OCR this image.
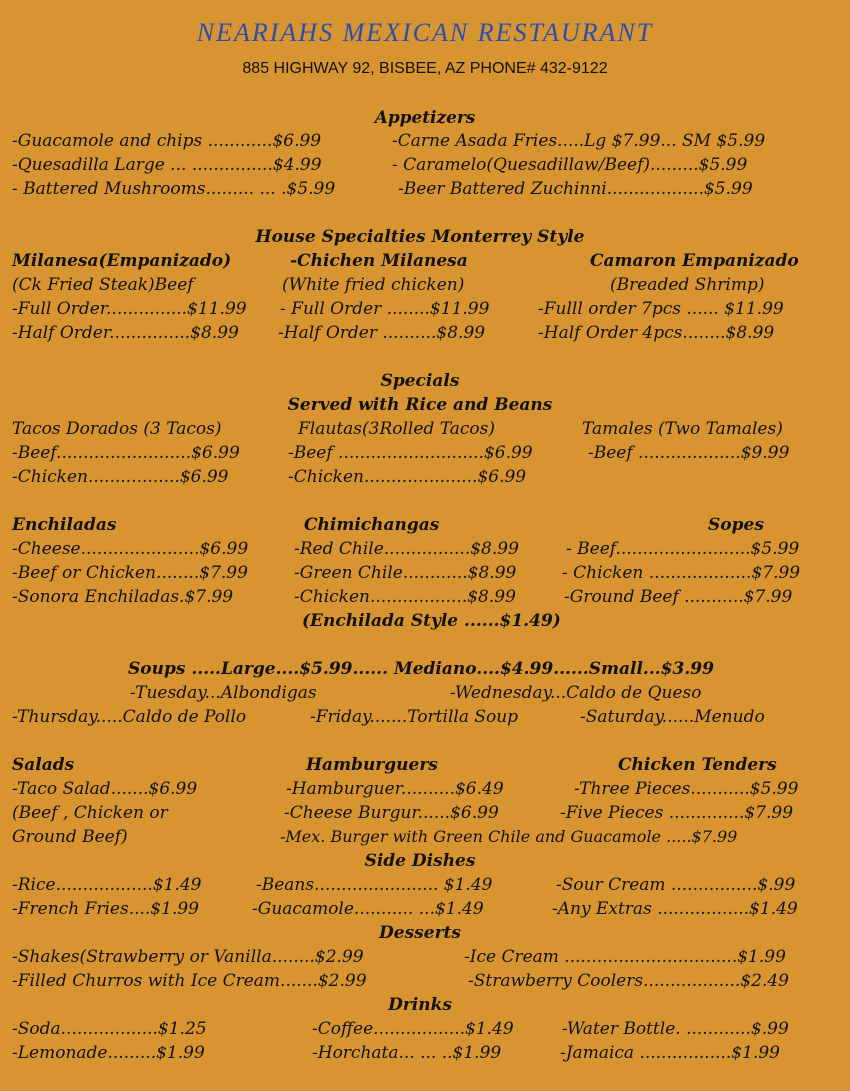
NEARIAHS MEXICAN RESTAURANT
885 HIGHWAY 92, BISBEE, AZ PHONE# 432-9122
Appetizers
-Guacamole and chips ............$6.99
-Quesadilla Large ... ...............$4.99
- Battered Mushrooms......... ... .$5.99
-Carne Asada Fries.....Lg $7.99... SM $5.99
- Caramelo(Quesadillaw/Beef).........$5.99
-Beer Battered Zuchinni..................$5.99
House Specialties Monterrey Style
Milanesa(Empanizado)
(Ck Fried Steak)Beef
-Full Order...............$11.99
-Half Order...............$8.99
-Chichen Milanesa
(White fried chicken)
- Full Order ........$11.99
-Half Order ..........$8.99
Camaron Empanizado
(Breaded Shrimp)
-Fulll order 7pcs ...... $11.99
-Half Order 4pcs........$8.99
Specials
Served with Rice and Beans
Tacos Dorados (3 Tacos)
-Beef.........................$6.99
-Chicken.................$6.99
Flautas(3Rolled Tacos)
-Beef ...........................$6.99
-Chicken.....................$6.99
Tamales (Two Tamales)
-Beef ...................$9.99
Enchiladas
-Cheese......................$6.99
-Beef or Chicken........$7.99
-Sonora Enchiladas.$7.99
Chimichangas
-Red Chile................$8.99
-Green Chile............$8.99
-Chicken..................$8.99
(Enchilada Style ......$1.49)
Sopes
- Beef.........................$5.99
- Chicken ...................$7.99
-Ground Beef ...........$7.99
Soups .....Large....$5.99...... Mediano....$4.99......Small...$3.99
-Tuesday...Albondigas	-Wednesday...Caldo de Queso
-Thursday.....Caldo de Pollo	-Friday.......Tortilla Soup	-Saturday......Menudo
Salads
-Taco Salad.......$6.99
(Beef , Chicken or
Ground Beef)
Hamburguers
-Hamburguer..........$6.49
-Cheese Burgur......$6.99
-Mex. Burger with Green Chile and Guacamole .....$7.99
Chicken Tenders
-Three Pieces...........$5.99
-Five Pieces ..............$7.99
Side Dishes
-Rice..................$1.49
-French Fries....$1.99
-Beans....................... $1.49
-Guacamole........... ...$1.49
-Sour Cream ................$.99
-Any Extras .................$1.49
Desserts
-Shakes(Strawberry or Vanilla........$2.99
-Filled Churros with Ice Cream.......$2.99
-Ice Cream ................................$1.99
-Strawberry Coolers..................$2.49
Drinks
-Soda..................$1.25
-Lemonade.........$1.99
-Coffee.................$1.49
-Horchata... ... ..$1.99
-Water Bottle. ............$.99
-Jamaica .................$1.99
